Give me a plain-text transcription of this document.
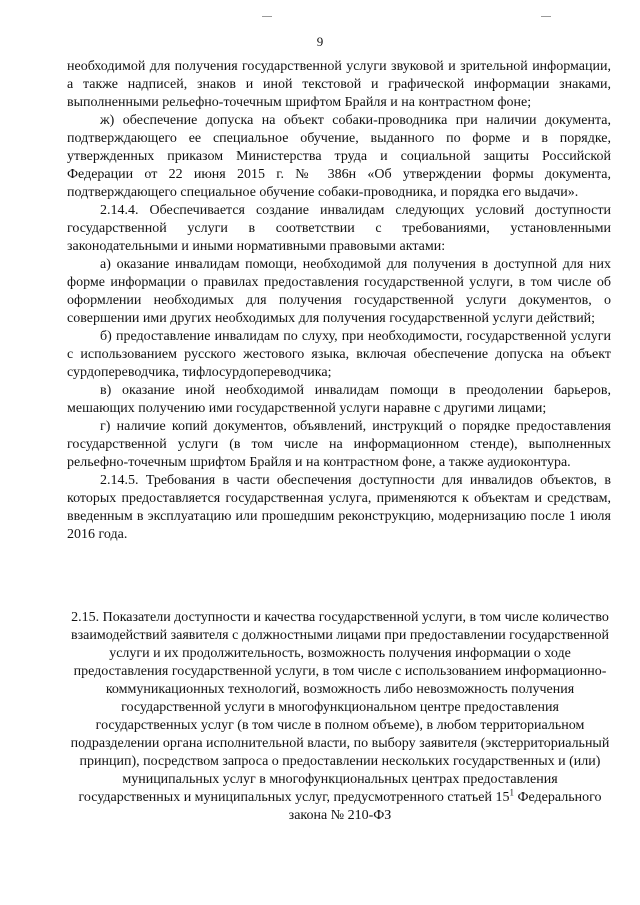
9

необходимой для получения государственной услуги звуковой и зрительной информации, а также надписей, знаков и иной текстовой и графической информации знаками, выполненными рельефно-точечным шрифтом Брайля и на контрастном фоне;

ж) обеспечение допуска на объект собаки-проводника при наличии документа, подтверждающего ее специальное обучение, выданного по форме и в порядке, утвержденных приказом Министерства труда и социальной защиты Российской Федерации от 22 июня 2015 г. № 386н «Об утверждении формы документа, подтверждающего специальное обучение собаки-проводника, и порядка его выдачи».

2.14.4. Обеспечивается создание инвалидам следующих условий доступности государственной услуги в соответствии с требованиями, установленными законодательными и иными нормативными правовыми актами:

а) оказание инвалидам помощи, необходимой для получения в доступной для них форме информации о правилах предоставления государственной услуги, в том числе об оформлении необходимых для получения государственной услуги документов, о совершении ими других необходимых для получения государственной услуги действий;

б) предоставление инвалидам по слуху, при необходимости, государственной услуги с использованием русского жестового языка, включая обеспечение допуска на объект сурдопереводчика, тифлосурдопереводчика;

в) оказание иной необходимой инвалидам помощи в преодолении барьеров, мешающих получению ими государственной услуги наравне с другими лицами;

г) наличие копий документов, объявлений, инструкций о порядке предоставления государственной услуги (в том числе на информационном стенде), выполненных рельефно-точечным шрифтом Брайля и на контрастном фоне, а также аудиоконтура.

2.14.5. Требования в части обеспечения доступности для инвалидов объектов, в которых предоставляется государственная услуга, применяются к объектам и средствам, введенным в эксплуатацию или прошедшим реконструкцию, модернизацию после 1 июля 2016 года.

2.15. Показатели доступности и качества государственной услуги, в том числе количество взаимодействий заявителя с должностными лицами при предоставлении государственной услуги и их продолжительность, возможность получения информации о ходе предоставления государственной услуги, в том числе с использованием информационно-коммуникационных технологий, возможность либо невозможность получения государственной услуги в многофункциональном центре предоставления государственных услуг (в том числе в полном объеме), в любом территориальном подразделении органа исполнительной власти, по выбору заявителя (экстерриториальный принцип), посредством запроса о предоставлении нескольких государственных и (или) муниципальных услуг в многофункциональных центрах предоставления государственных и муниципальных услуг, предусмотренного статьей $15^1$ Федерального закона № 210-ФЗ
